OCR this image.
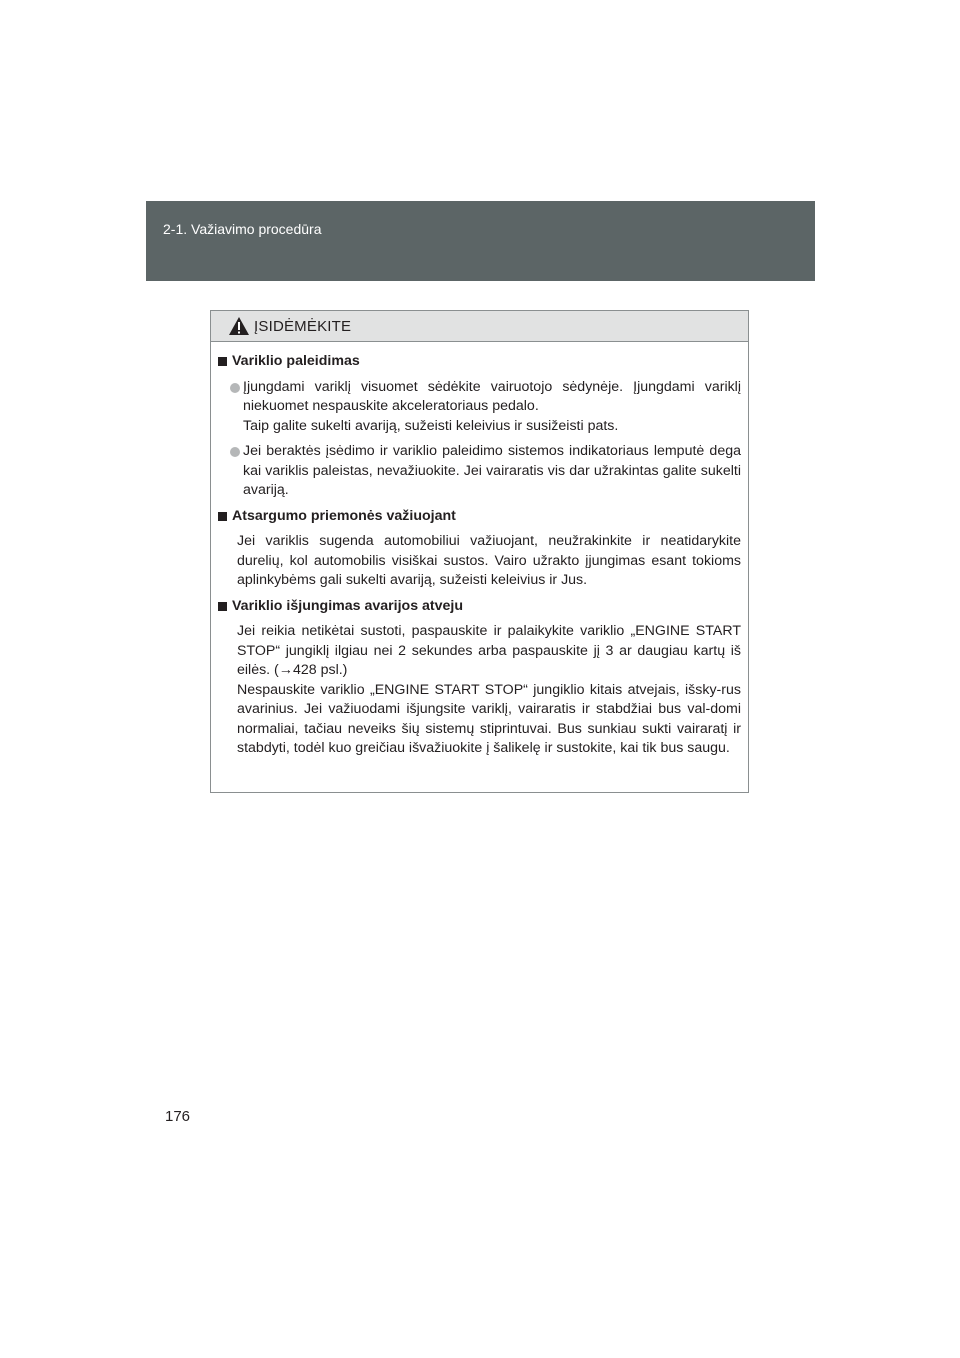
2-1. Važiavimo procedūra
ĮSIDĖMĖKITE
Variklio paleidimas
Įjungdami variklį visuomet sėdėkite vairuotojo sėdynėje. Įjungdami variklį niekuomet nespauskite akceleratoriaus pedalo.
Taip galite sukelti avariją, sužeisti keleivius ir susižeisti pats.
Jei beraktės įsėdimo ir variklio paleidimo sistemos indikatoriaus lemputė dega kai variklis paleistas, nevažiuokite. Jei vairaratis vis dar užrakintas galite sukelti avariją.
Atsargumo priemonės važiuojant
Jei variklis sugenda automobiliui važiuojant, neužrakinkite ir neatidarykite durelių, kol automobilis visiškai sustos. Vairo užrakto įjungimas esant tokioms aplinkybėms gali sukelti avariją, sužeisti keleivius ir Jus.
Variklio išjungimas avarijos atveju
Jei reikia netikėtai sustoti, paspauskite ir palaikykite variklio „ENGINE START STOP“ jungiklį ilgiau nei 2 sekundes arba paspauskite jį 3 ar daugiau kartų iš eilės. (→428 psl.)
Nespauskite variklio „ENGINE START STOP“ jungiklio kitais atvejais, išsky-rus avarinius. Jei važiuodami išjungsite variklį, vairaratis ir stabdžiai bus val-domi normaliai, tačiau neveiks šių sistemų stiprintuvai. Bus sunkiau sukti vairaratį ir stabdyti, todėl kuo greičiau išvažiuokite į šalikelę ir sustokite, kai tik bus saugu.
176
